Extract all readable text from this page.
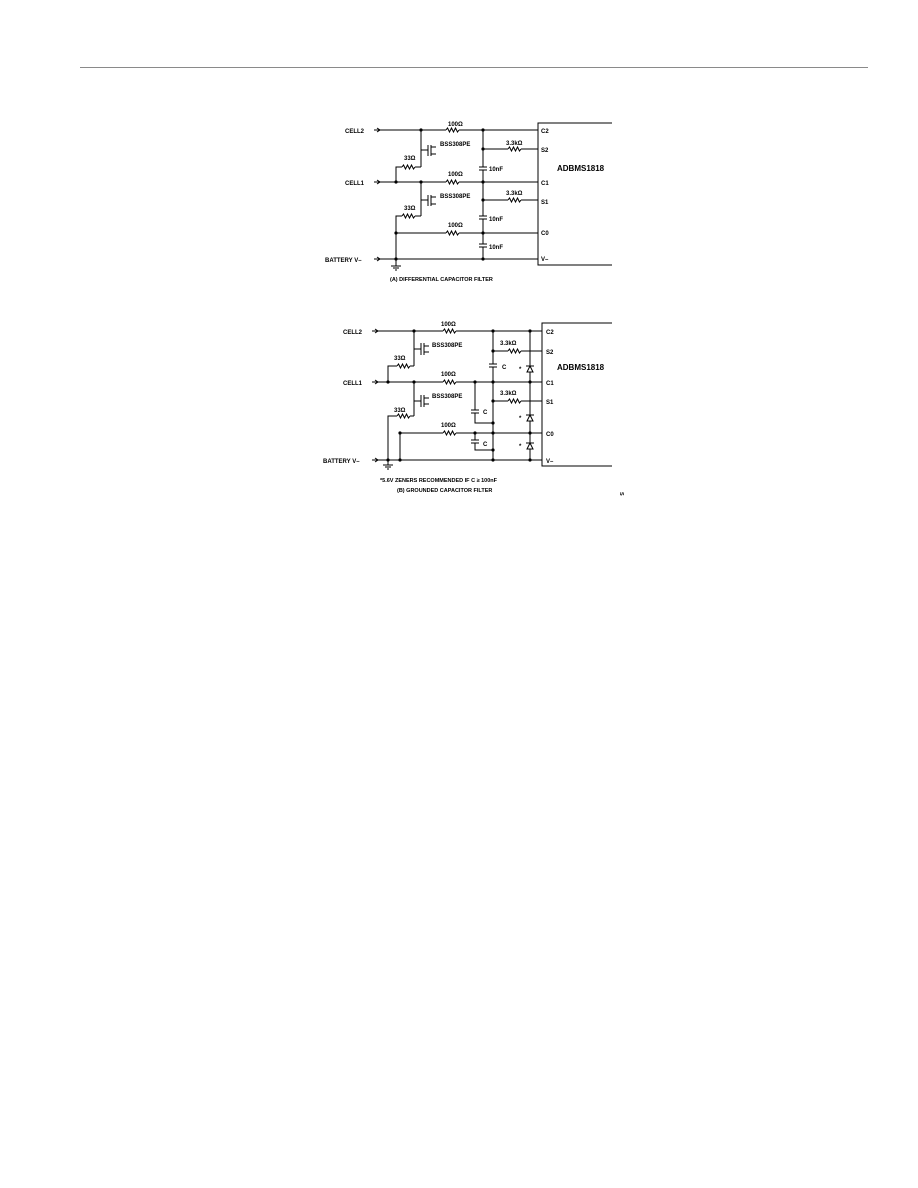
ADBMS1818
C2
S2
C1
S1
C0
V–
CELL2
CELL1
BATTERY V–
100Ω
3.3kΩ
10nF
BSS308PE
33Ω
100Ω
3.3kΩ
10nF
BSS308PE
33Ω
100Ω
10nF
(A) DIFFERENTIAL CAPACITOR FILTER
ADBMS1818
C2
S2
C1
S1
C0
V–
CELL2
CELL1
BATTERY V–
100Ω
3.3kΩ
C *
BSS308PE
33Ω
100Ω
3.3kΩ
C
*
BSS308PE
33Ω
100Ω
C	*
*5.6V ZENERS RECOMMENDED IF C ≥ 100nF
(B) GROUNDED CAPACITOR FILTER	S
